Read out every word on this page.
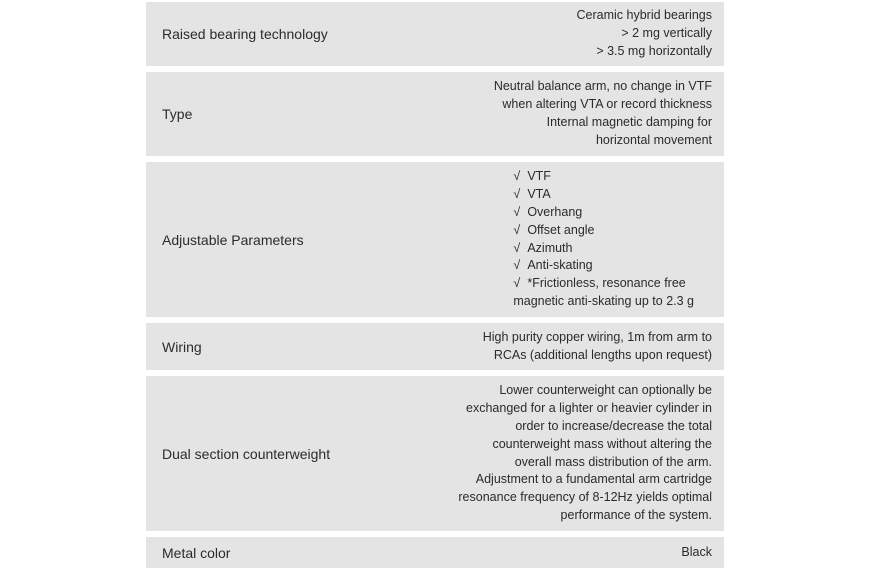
Raised bearing technology
Ceramic hybrid bearings
> 2 mg vertically
> 3.5 mg horizontally
Type
Neutral balance arm, no change in VTF
when altering VTA or record thickness
Internal magnetic damping for
horizontal movement
Adjustable Parameters
√ VTF
√ VTA
√ Overhang
√ Offset angle
√ Azimuth
√ Anti-skating
√ *Frictionless, resonance free
magnetic anti-skating up to 2.3 g
Wiring
High purity copper wiring, 1m from arm to
RCAs (additional lengths upon request)
Dual section counterweight
Lower counterweight can optionally be
exchanged for a lighter or heavier cylinder in
order to increase/decrease the total
counterweight mass without altering the
overall mass distribution of the arm.
Adjustment to a fundamental arm cartridge
resonance frequency of 8-12Hz yields optimal
performance of the system.
Metal color	Black
